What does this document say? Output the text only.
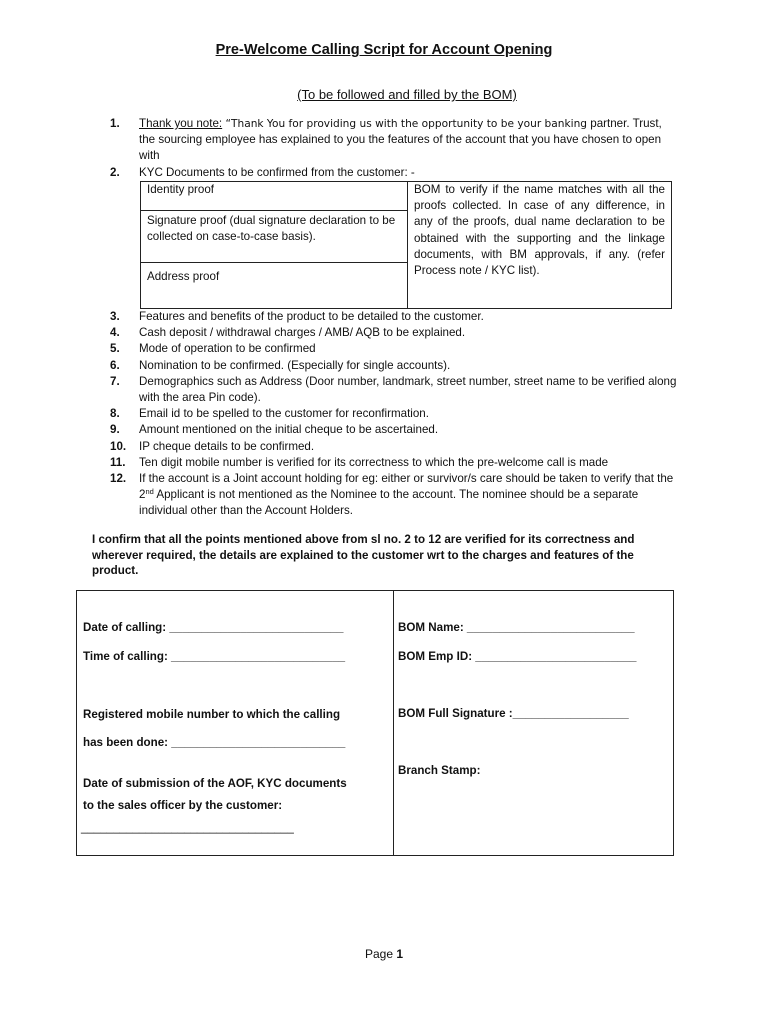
Pre-Welcome Calling Script for Account Opening
(To be followed and filled by the BOM)
1.	Thank you note: “Thank You for providing us with the opportunity to be your banking partner. Trust, the sourcing employee has explained to you the features of the account that you have chosen to open with
2.	KYC Documents to be confirmed from the customer: -
Identity proof
Signature proof (dual signature declaration to be collected on case-to-case basis).
Address proof
BOM to verify if the name matches with all the proofs collected. In case of any difference, in any of the proofs, dual name declaration to be obtained with the supporting and the linkage documents, with BM approvals, if any. (refer Process note / KYC list).
3.	Features and benefits of the product to be detailed to the customer.
4.	Cash deposit / withdrawal charges / AMB/ AQB to be explained.
5.	Mode of operation to be confirmed
6.	Nomination to be confirmed. (Especially for single accounts).
7.	Demographics such as Address (Door number, landmark, street number, street name to be verified along with the area Pin code).
8.	Email id to be spelled to the customer for reconfirmation.
9.	Amount mentioned on the initial cheque to be ascertained.
10.	IP cheque details to be confirmed.
11.	Ten digit mobile number is verified for its correctness to which the pre-welcome call is made
12.	If the account is a Joint account holding for eg: either or survivor/s care should be taken to verify that the 2nd Applicant is not mentioned as the Nominee to the account. The nominee should be a separate individual other than the Account Holders.
I confirm that all the points mentioned above from sl no. 2 to 12 are verified for its correctness and wherever required, the details are explained to the customer wrt to the charges and features of the product.
Date of calling: ___________________________
Time of calling: ___________________________
Registered mobile number to which the calling
has been done: ___________________________
Date of submission of the AOF, KYC documents
to the sales officer by the customer:
_________________________________
BOM Name: __________________________
BOM Emp ID: _________________________
BOM Full Signature :__________________
Branch Stamp:
Page 1
